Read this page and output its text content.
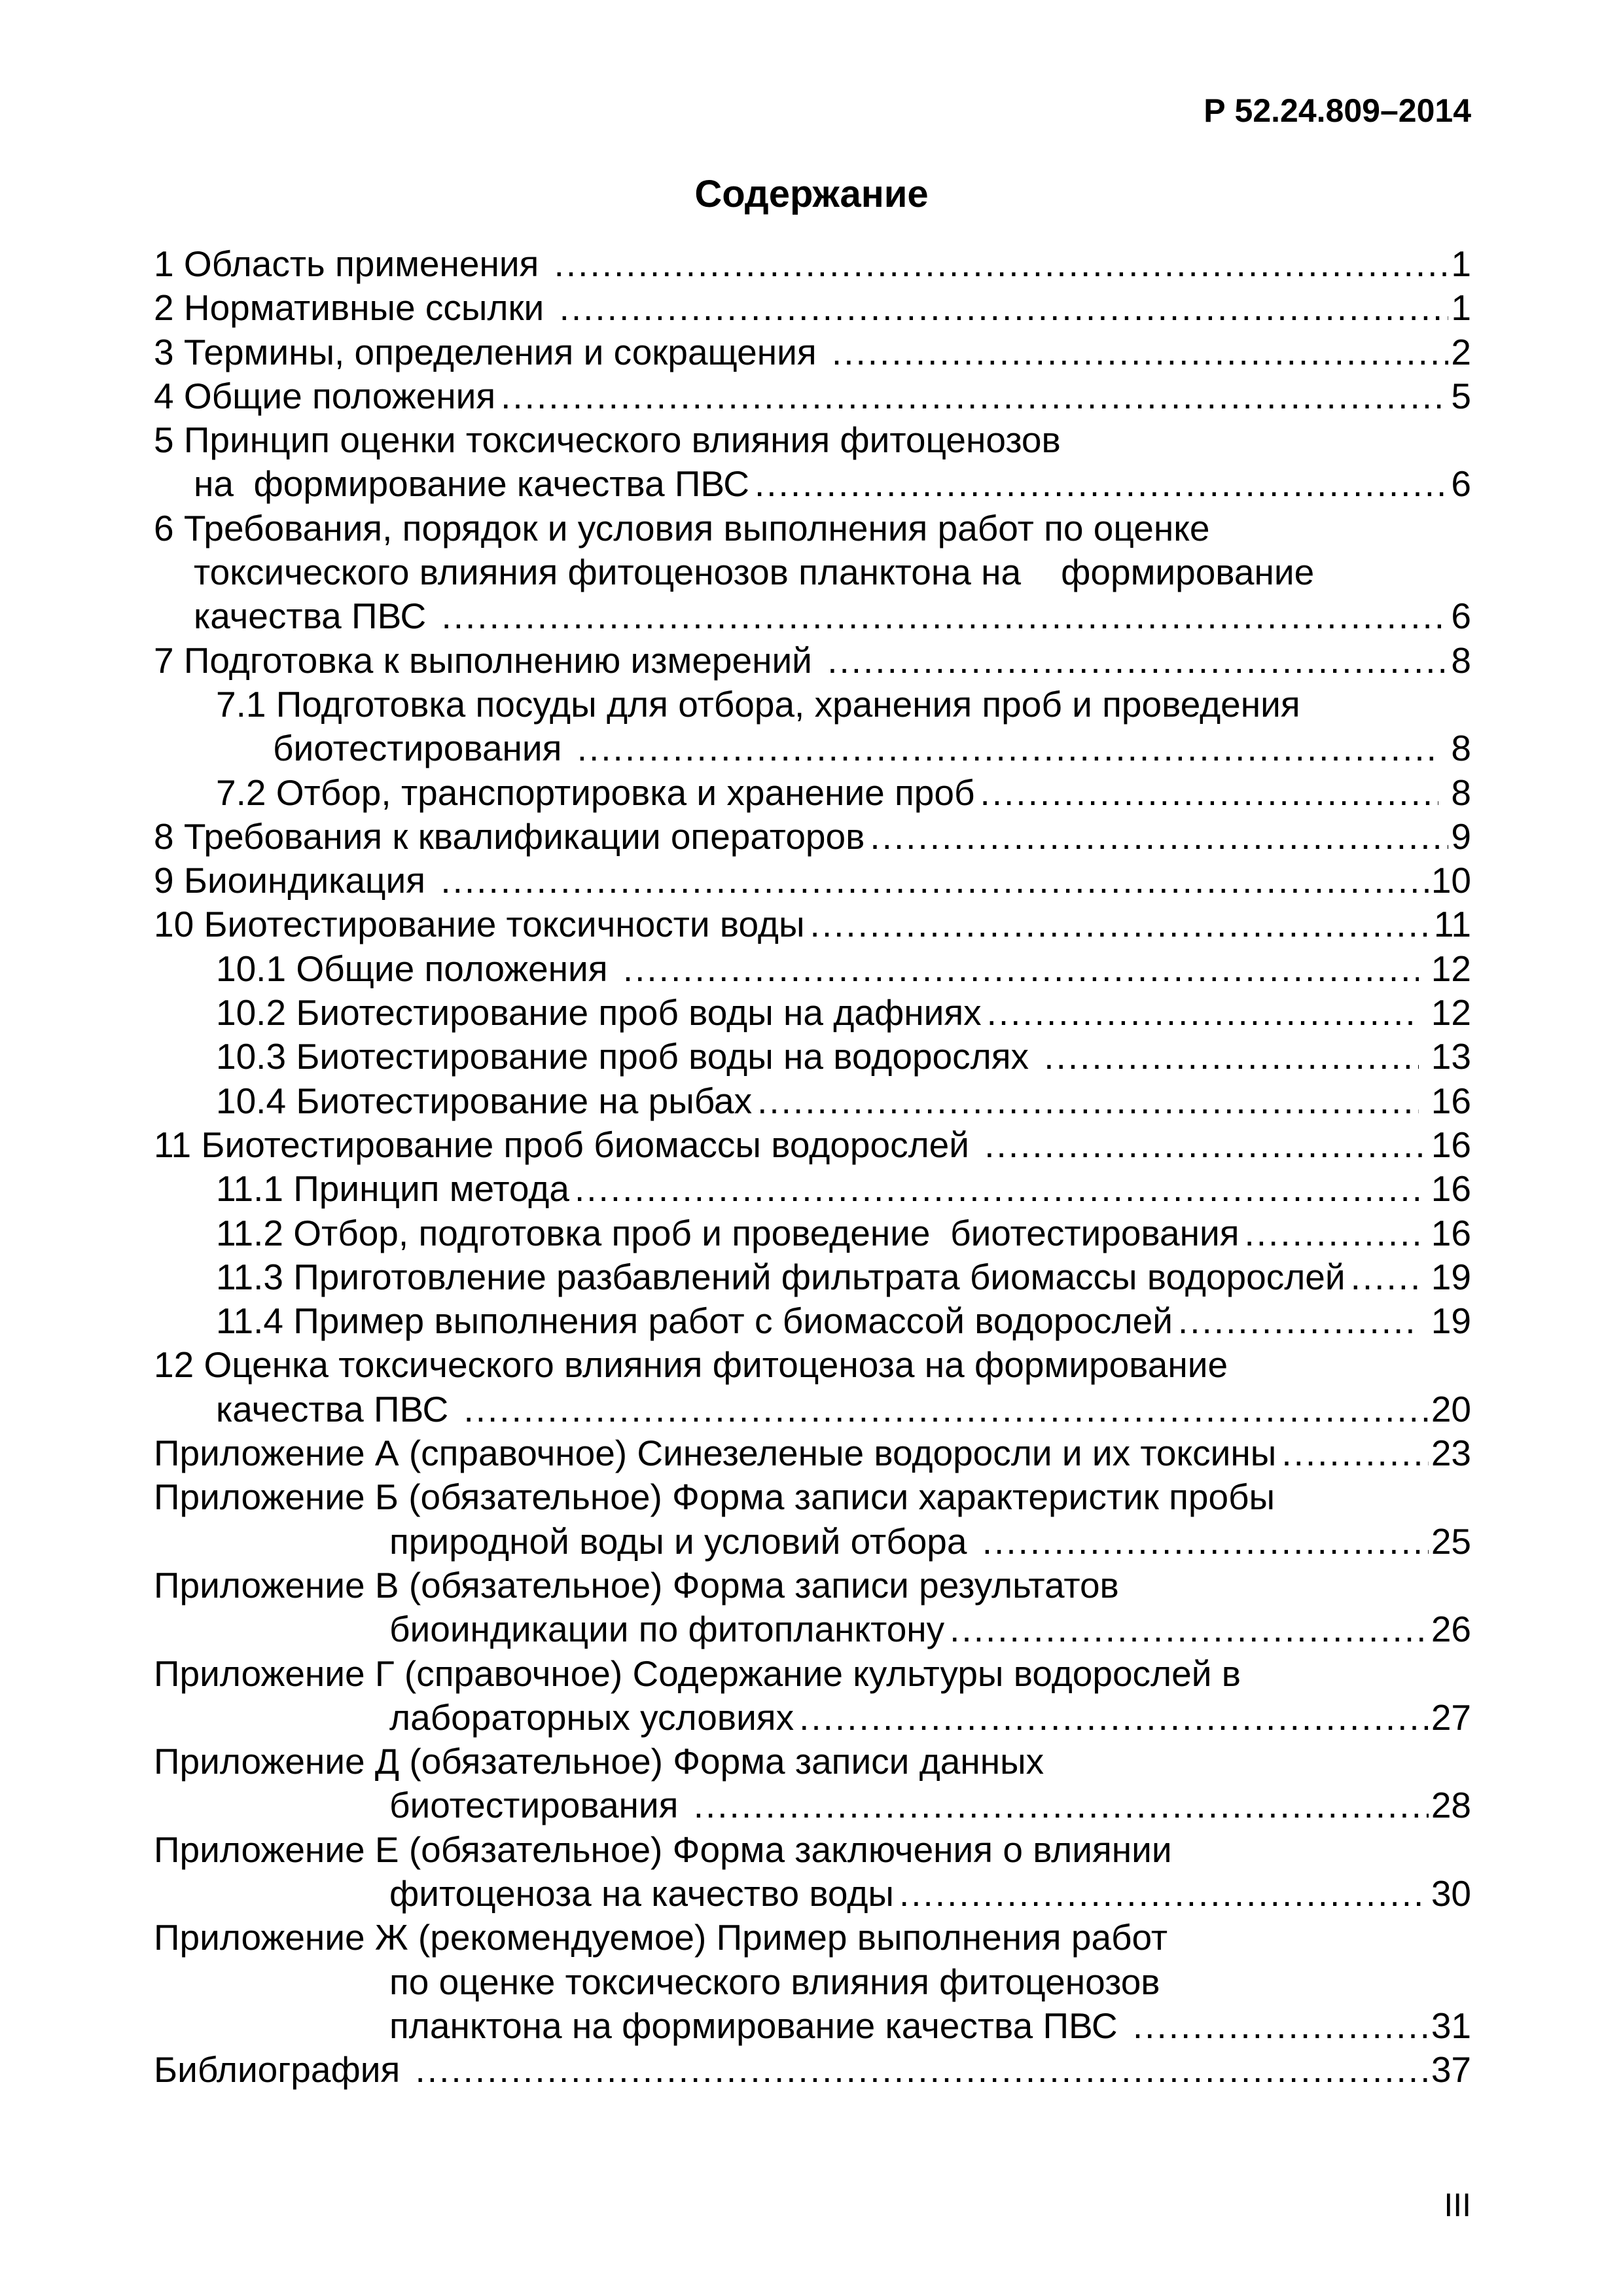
Р 52.24.809–2014
Содержание
1 Область применения .....	1
2 Нормативные ссылки .....	1
3 Термины, определения и сокращения .....	2
4 Общие положения .....	5
5 Принцип оценки токсического влияния фитоценозов
на  формирование качества ПВС .....	6
6 Требования, порядок и условия выполнения работ по оценке
токсического влияния фитоценозов планктона на    формирование
качества ПВС .....	6
7 Подготовка к выполнению измерений .....	8
7.1 Подготовка посуды для отбора, хранения проб и проведения
биотестирования .....	8
7.2 Отбор, транспортировка и хранение проб .....	8
8 Требования к квалификации операторов .....	9
9 Биоиндикация .....	10
10 Биотестирование токсичности воды .....	11
10.1 Общие положения .....	12
10.2 Биотестирование проб воды на дафниях .....	12
10.3 Биотестирование проб воды на водорослях .....	13
10.4 Биотестирование на рыбах .....	16
11 Биотестирование проб биомассы водорослей .....	16
11.1 Принцип метода .....	16
11.2 Отбор, подготовка проб и проведение  биотестирования .....	16
11.3 Приготовление разбавлений фильтрата биомассы водорослей ..... 19
11.4 Пример выполнения работ с биомассой водорослей .....	19
12 Оценка токсического влияния фитоценоза на формирование
качества ПВС .....	20
Приложение А (справочное) Синезеленые водоросли и их токсины .....	23
Приложение Б (обязательное) Форма записи характеристик пробы
природной воды и условий отбора .....	25
Приложение В (обязательное) Форма записи результатов
биоиндикации по фитопланктону .....	26
Приложение Г (справочное) Содержание культуры водорослей в
лабораторных условиях .....	27
Приложение Д (обязательное) Форма записи данных
биотестирования .....	28
Приложение Е (обязательное) Форма заключения о влиянии
фитоценоза на качество воды .....	30
Приложение Ж (рекомендуемое) Пример выполнения работ
по оценке токсического влияния фитоценозов
планктона на формирование качества ПВС .....	31
Библиография .....	37
III
